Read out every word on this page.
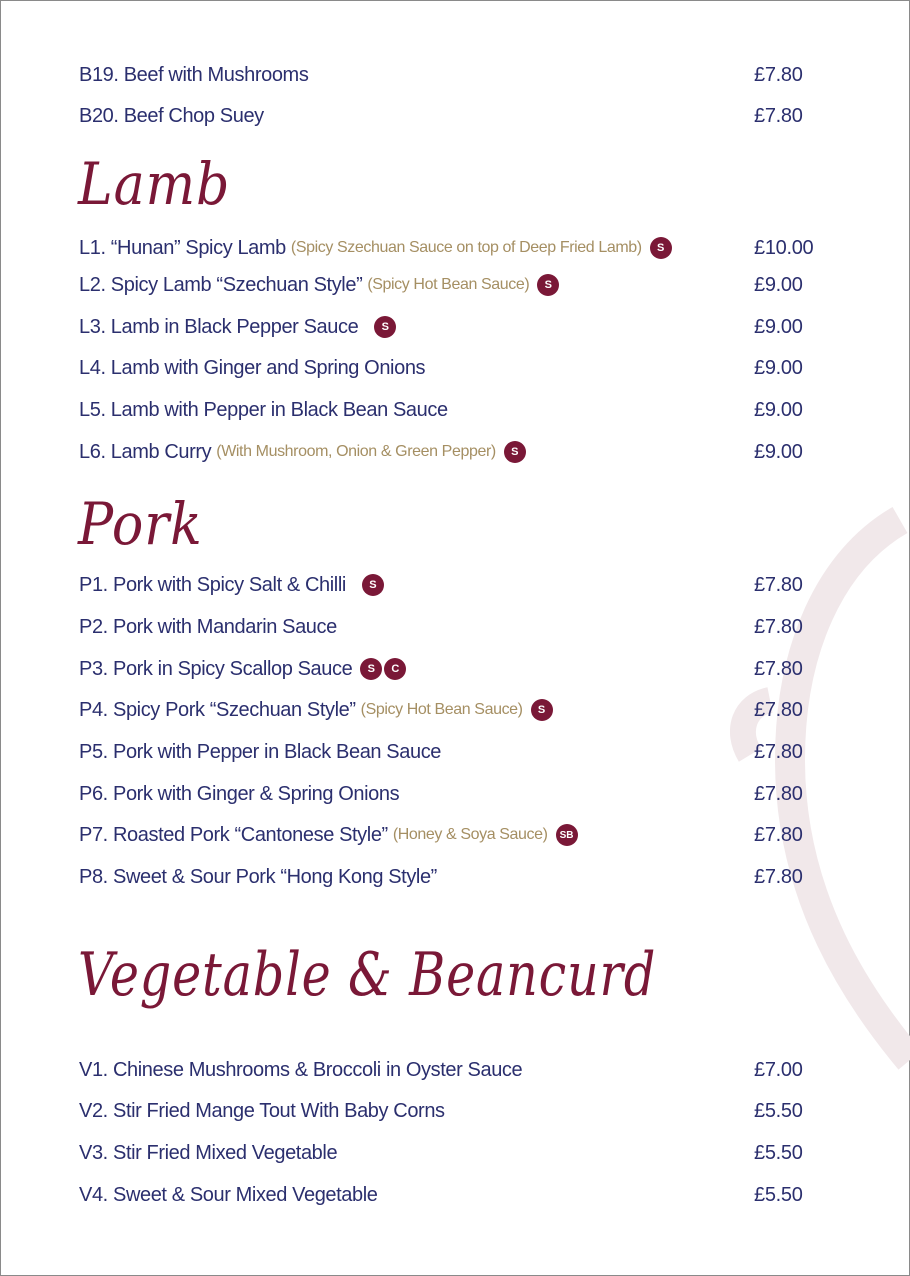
B19. Beef with Mushrooms	£7.80
B20. Beef Chop Suey	£7.80
Lamb
L1. “Hunan” Spicy Lamb (Spicy Szechuan Sauce on top of Deep Fried Lamb)	S	£10.00
L2. Spicy Lamb “Szechuan Style” (Spicy Hot Bean Sauce)	S	£9.00
L3. Lamb in Black Pepper Sauce	S	£9.00
L4. Lamb with Ginger and Spring Onions	£9.00
L5. Lamb with Pepper in Black Bean Sauce	£9.00
L6. Lamb Curry (With Mushroom, Onion & Green Pepper)	S	£9.00
Pork
P1. Pork with Spicy Salt & Chilli	S	£7.80
P2. Pork with Mandarin Sauce	£7.80
P3. Pork in Spicy Scallop Sauce	S	C	£7.80
P4. Spicy Pork “Szechuan Style” (Spicy Hot Bean Sauce)	S	£7.80
P5. Pork with Pepper in Black Bean Sauce	£7.80
P6. Pork with Ginger & Spring Onions	£7.80
P7. Roasted Pork “Cantonese Style” (Honey & Soya Sauce)	SB	£7.80
P8. Sweet & Sour Pork “Hong Kong Style”	£7.80
Vegetable & Beancurd
V1. Chinese Mushrooms & Broccoli in Oyster Sauce	£7.00
V2. Stir Fried Mange Tout With Baby Corns	£5.50
V3. Stir Fried Mixed Vegetable	£5.50
V4. Sweet & Sour Mixed Vegetable	£5.50
